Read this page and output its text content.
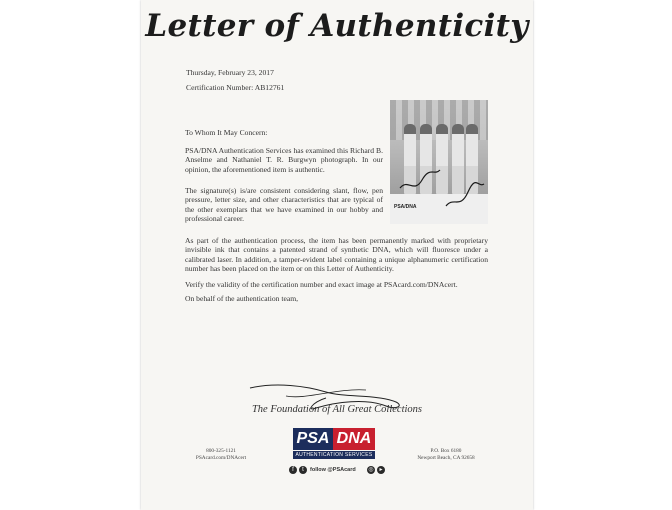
Letter of Authenticity
Thursday, February 23, 2017
Certification Number: AB12761
To Whom It May Concern:
PSA/DNA Authentication Services has examined this Richard B. Anselme and Nathaniel T. R. Burgwyn photograph. In our opinion, the aforementioned item is authentic.
The signature(s) is/are consistent considering slant, flow, pen pressure, letter size, and other characteristics that are typical of the other exemplars that we have examined in our hobby and professional career.
As part of the authentication process, the item has been permanently marked with proprietary invisible ink that contains a patented strand of synthetic DNA, which will fluoresce under a calibrated laser. In addition, a tamper-evident label containing a unique alphanumeric certification number has been placed on the item or on this Letter of Authenticity.
Verify the validity of the certification number and exact image at PSAcard.com/DNAcert.
On behalf of the authentication team,
PSA/DNA
The Foundation of All Great Collections
800-325-1121
PSAcard.com/DNAcert
PSA DNA
AUTHENTICATION SERVICES
f	t	follow @PSAcard ◎ ▸
P.O. Box 6180
Newport Beach, CA 92658
